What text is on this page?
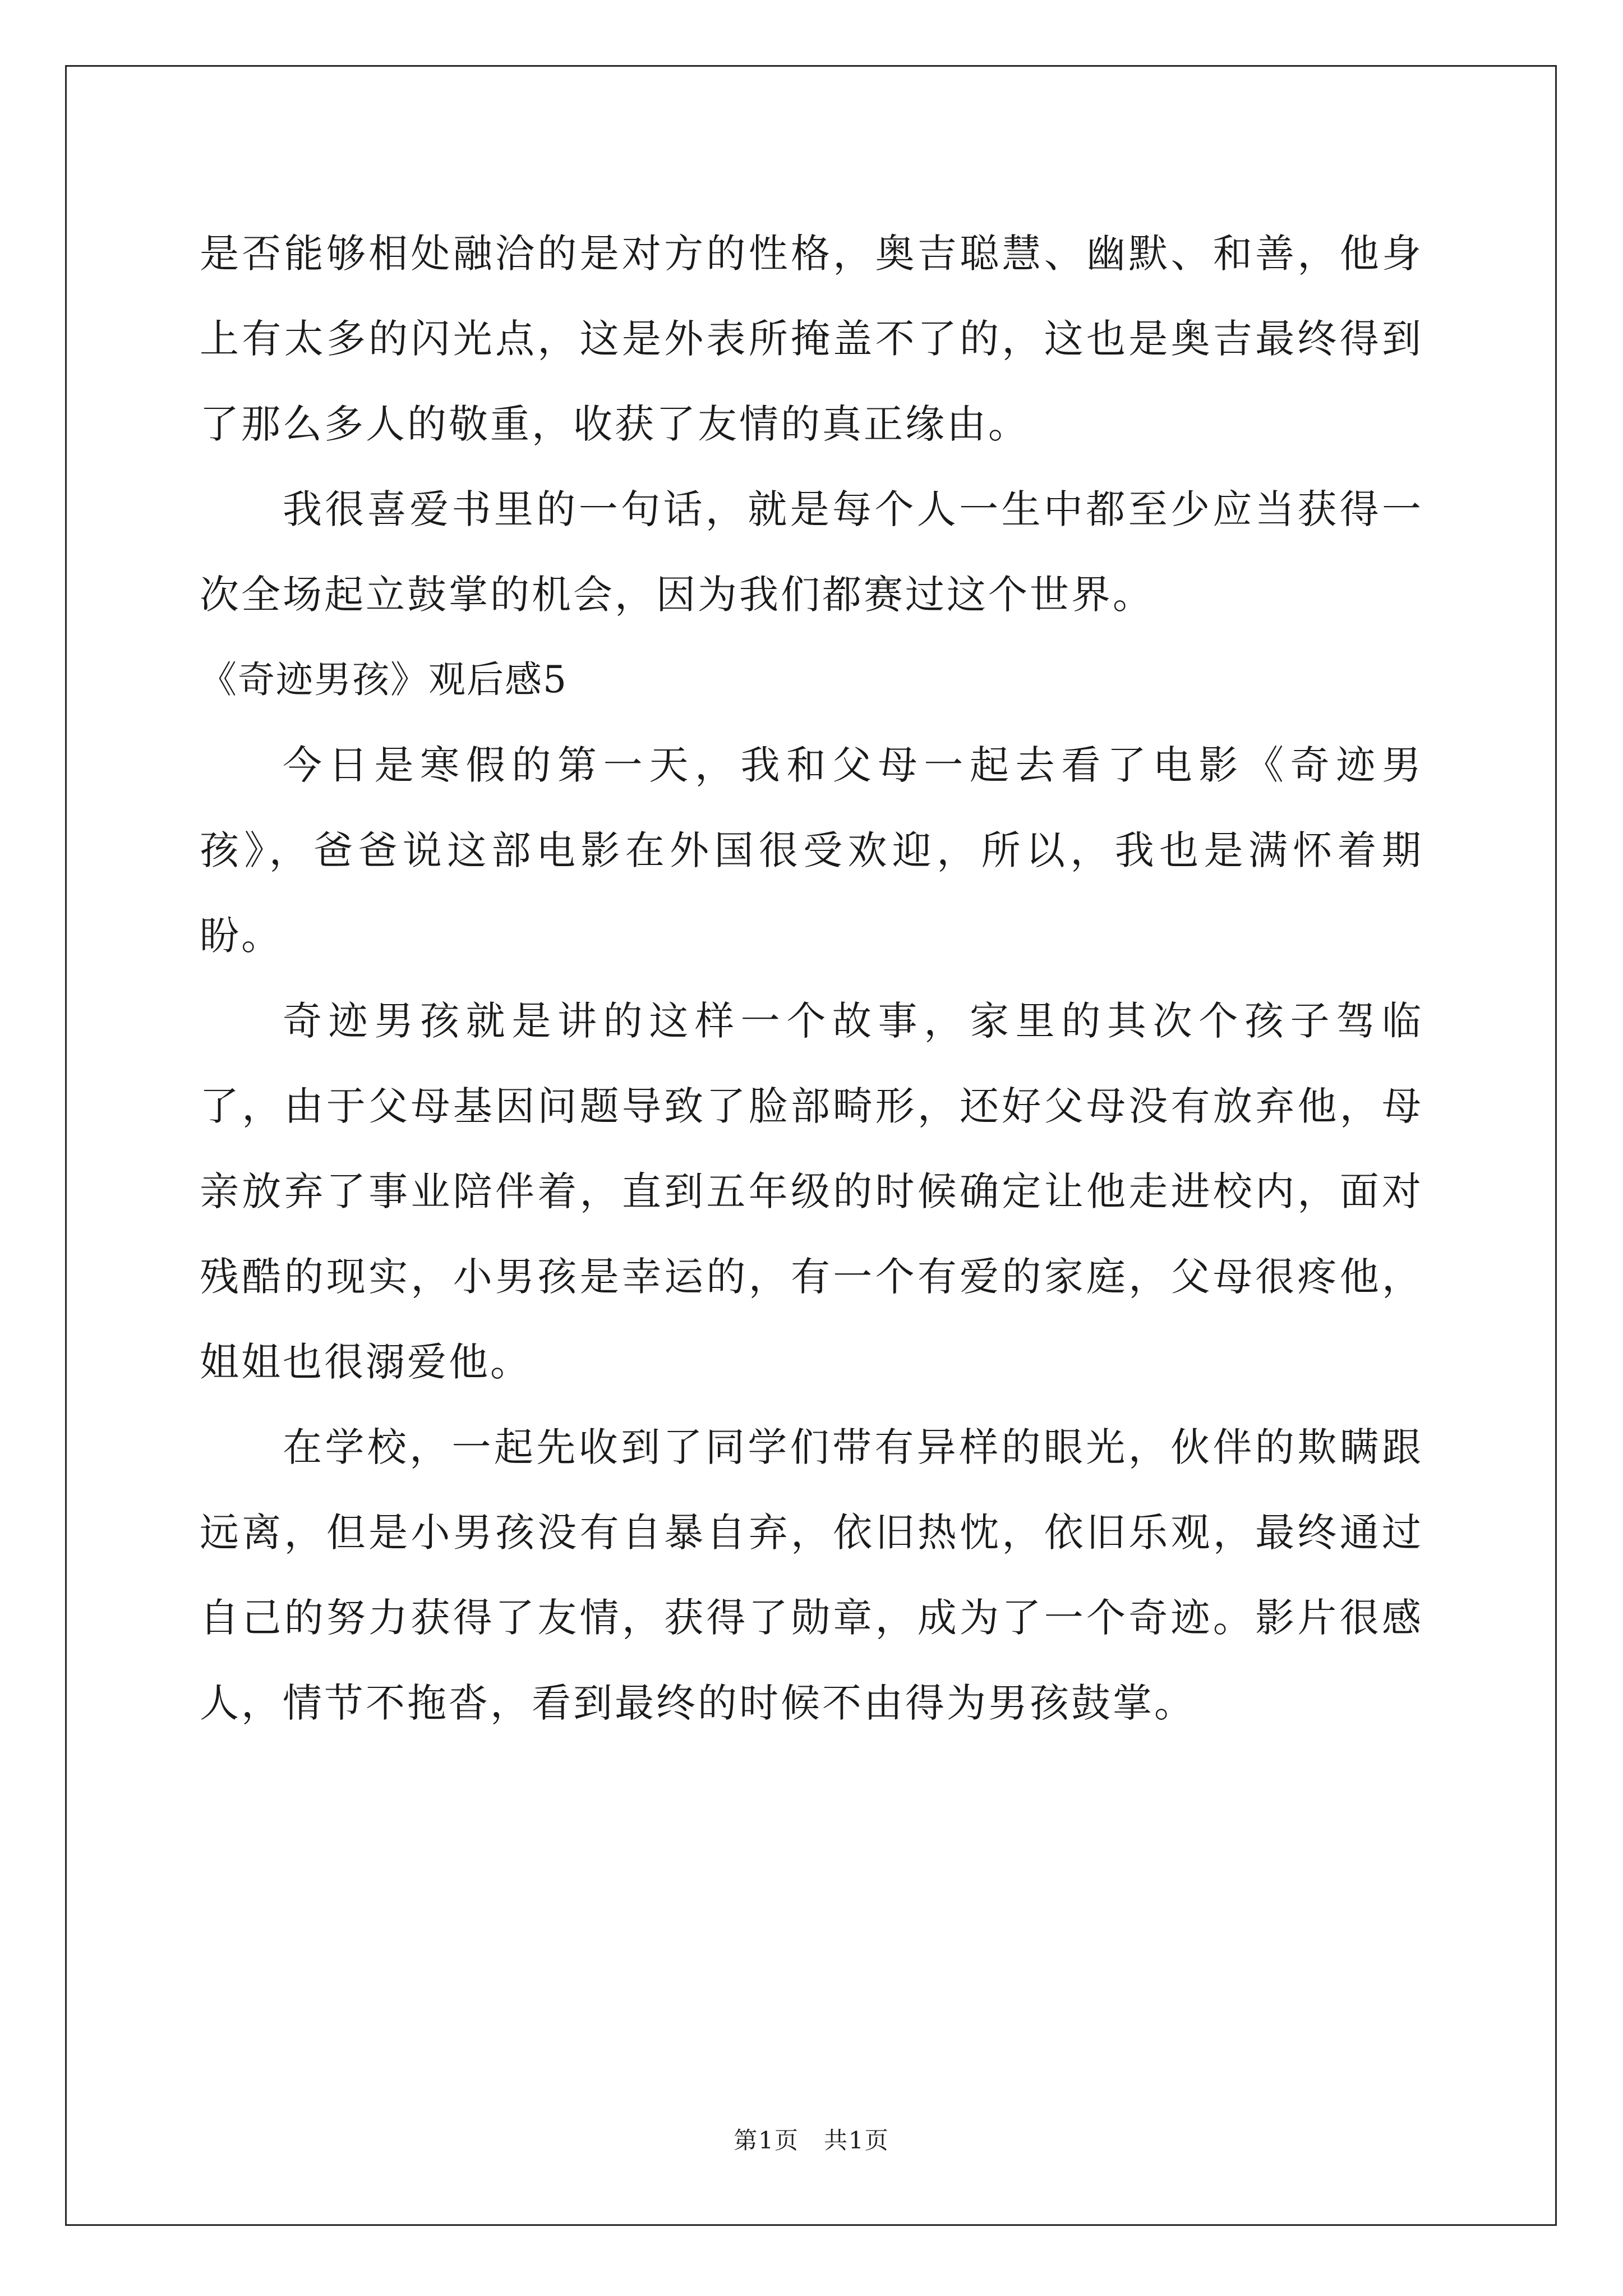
是否能够相处融洽的是对方的性格，奥吉聪慧、幽默、和善，他身上有太多的闪光点，这是外表所掩盖不了的，这也是奥吉最终得到了那么多人的敬重，收获了友情的真正缘由。

我很喜爱书里的一句话，就是每个人一生中都至少应当获得一次全场起立鼓掌的机会，因为我们都赛过这个世界。

《奇迹男孩》观后感5

今日是寒假的第一天，我和父母一起去看了电影《奇迹男孩》，爸爸说这部电影在外国很受欢迎，所以，我也是满怀着期盼。

奇迹男孩就是讲的这样一个故事，家里的其次个孩子驾临　了，由于父母基因问题导致了脸部畸形，还好父母没有放弃他，母亲放弃了事业陪伴着，直到五年级的时候确定让他走进校内，面对残酷的现实，小男孩是幸运的，有一个有爱的家庭，父母很疼他，姐姐也很溺爱他。

在学校，一起先收到了同学们带有异样的眼光，伙伴的欺瞒跟远离，但是小男孩没有自暴自弃，依旧热忱，依旧乐观，最终通过自己的努力获得了友情，获得了勋章，成为了一个奇迹。影片很感人，情节不拖沓，看到最终的时候不由得为男孩鼓掌。

第1页　共1页
